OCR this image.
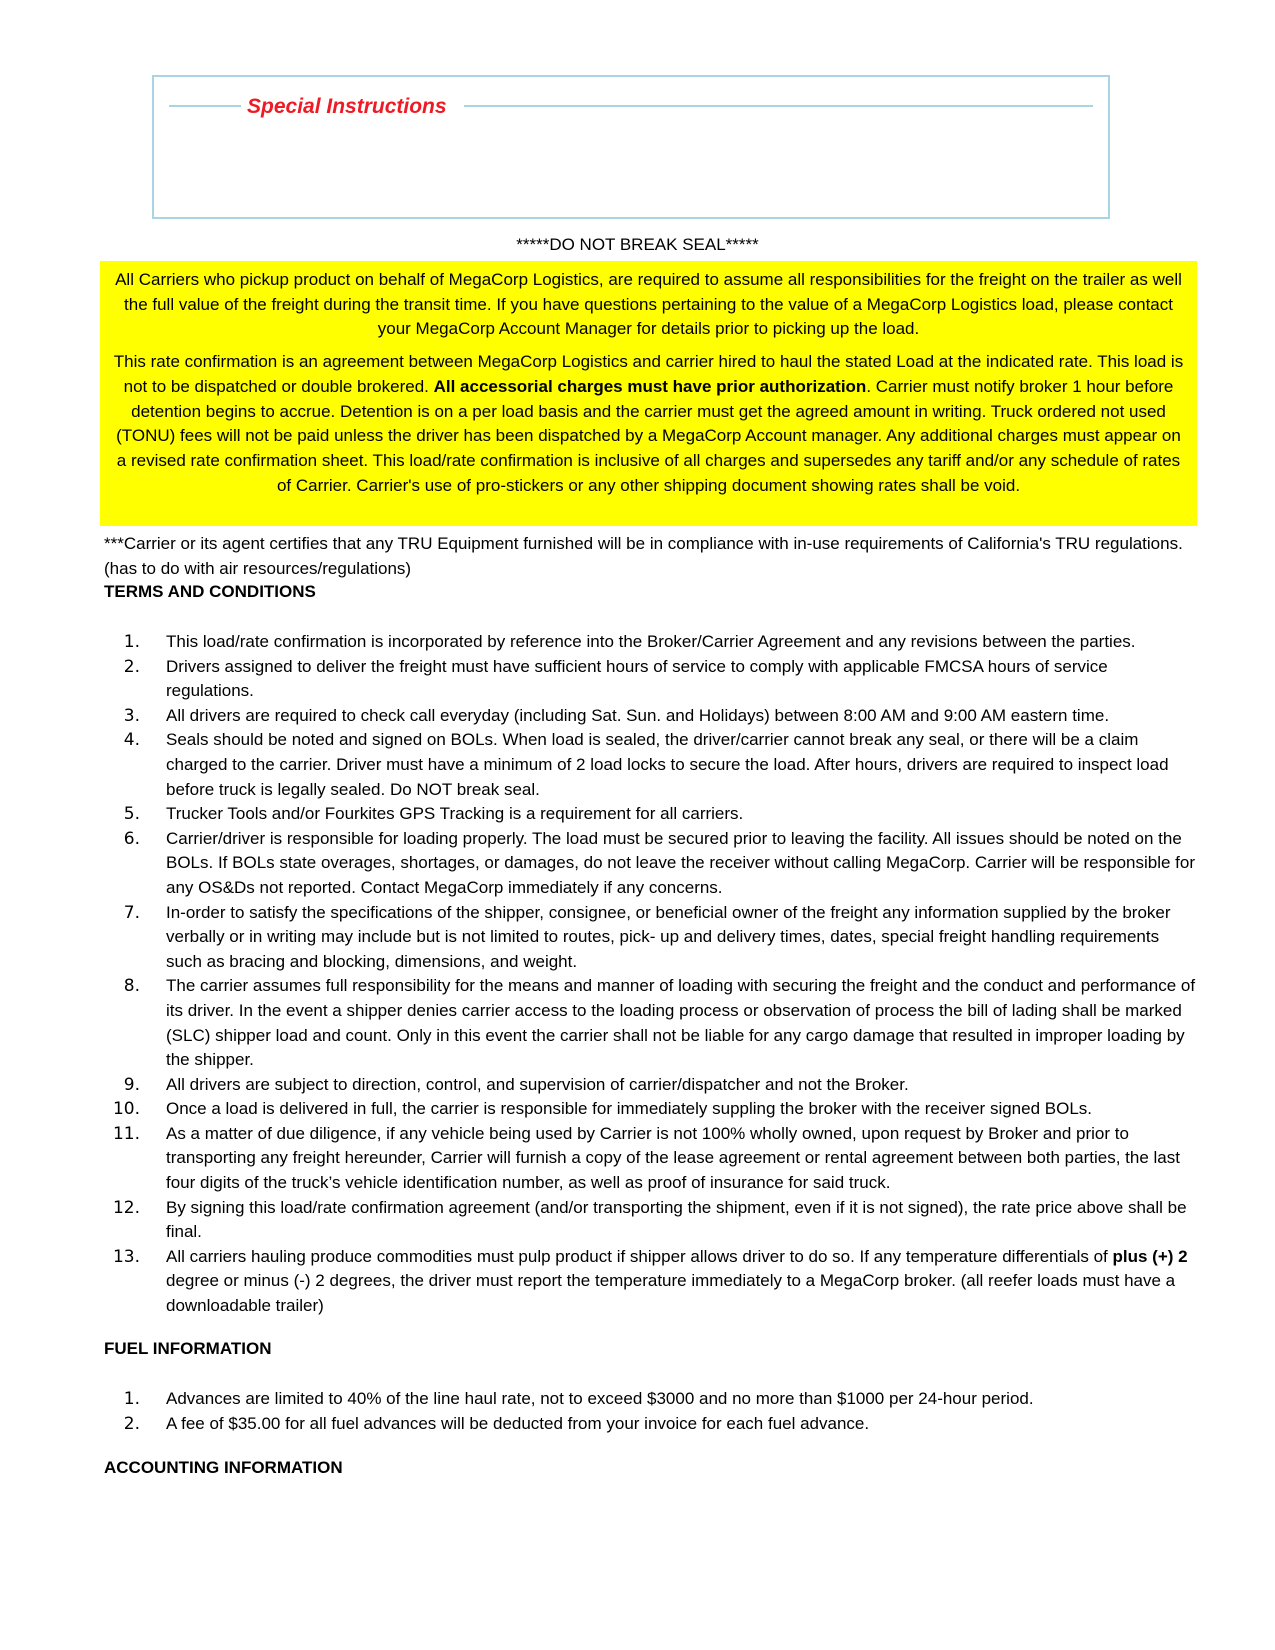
Special Instructions
*****DO NOT BREAK SEAL*****

All Carriers who pickup product on behalf of MegaCorp Logistics, are required to assume all responsibilities for the freight on the trailer as well the full value of the freight during the transit time. If you have questions pertaining to the value of a MegaCorp Logistics load, please contact your MegaCorp Account Manager for details prior to picking up the load.

This rate confirmation is an agreement between MegaCorp Logistics and carrier hired to haul the stated Load at the indicated rate. This load is not to be dispatched or double brokered. All accessorial charges must have prior authorization. Carrier must notify broker 1 hour before detention begins to accrue. Detention is on a per load basis and the carrier must get the agreed amount in writing. Truck ordered not used (TONU) fees will not be paid unless the driver has been dispatched by a MegaCorp Account manager. Any additional charges must appear on a revised rate confirmation sheet. This load/rate confirmation is inclusive of all charges and supersedes any tariff and/or any schedule of rates of Carrier. Carrier's use of pro-stickers or any other shipping document showing rates shall be void.

***Carrier or its agent certifies that any TRU Equipment furnished will be in compliance with in-use requirements of California's TRU regulations. (has to do with air resources/regulations)
TERMS AND CONDITIONS
1. This load/rate confirmation is incorporated by reference into the Broker/Carrier Agreement and any revisions between the parties.
2. Drivers assigned to deliver the freight must have sufficient hours of service to comply with applicable FMCSA hours of service regulations.
3. All drivers are required to check call everyday (including Sat. Sun. and Holidays) between 8:00 AM and 9:00 AM eastern time.
4. Seals should be noted and signed on BOLs. When load is sealed, the driver/carrier cannot break any seal, or there will be a claim charged to the carrier. Driver must have a minimum of 2 load locks to secure the load. After hours, drivers are required to inspect load before truck is legally sealed. Do NOT break seal.
5. Trucker Tools and/or Fourkites GPS Tracking is a requirement for all carriers.
6. Carrier/driver is responsible for loading properly. The load must be secured prior to leaving the facility. All issues should be noted on the BOLs. If BOLs state overages, shortages, or damages, do not leave the receiver without calling MegaCorp. Carrier will be responsible for any OS&Ds not reported. Contact MegaCorp immediately if any concerns.
7. In-order to satisfy the specifications of the shipper, consignee, or beneficial owner of the freight any information supplied by the broker verbally or in writing may include but is not limited to routes, pick- up and delivery times, dates, special freight handling requirements such as bracing and blocking, dimensions, and weight.
8. The carrier assumes full responsibility for the means and manner of loading with securing the freight and the conduct and performance of its driver. In the event a shipper denies carrier access to the loading process or observation of process the bill of lading shall be marked (SLC) shipper load and count. Only in this event the carrier shall not be liable for any cargo damage that resulted in improper loading by the shipper.
9. All drivers are subject to direction, control, and supervision of carrier/dispatcher and not the Broker.
10. Once a load is delivered in full, the carrier is responsible for immediately suppling the broker with the receiver signed BOLs.
11. As a matter of due diligence, if any vehicle being used by Carrier is not 100% wholly owned, upon request by Broker and prior to transporting any freight hereunder, Carrier will furnish a copy of the lease agreement or rental agreement between both parties, the last four digits of the truck’s vehicle identification number, as well as proof of insurance for said truck.
12. By signing this load/rate confirmation agreement (and/or transporting the shipment, even if it is not signed), the rate price above shall be final.
13. All carriers hauling produce commodities must pulp product if shipper allows driver to do so. If any temperature differentials of plus (+) 2 degree or minus (-) 2 degrees, the driver must report the temperature immediately to a MegaCorp broker. (all reefer loads must have a downloadable trailer)
FUEL INFORMATION
1. Advances are limited to 40% of the line haul rate, not to exceed $3000 and no more than $1000 per 24-hour period.
2. A fee of $35.00 for all fuel advances will be deducted from your invoice for each fuel advance.
ACCOUNTING INFORMATION
